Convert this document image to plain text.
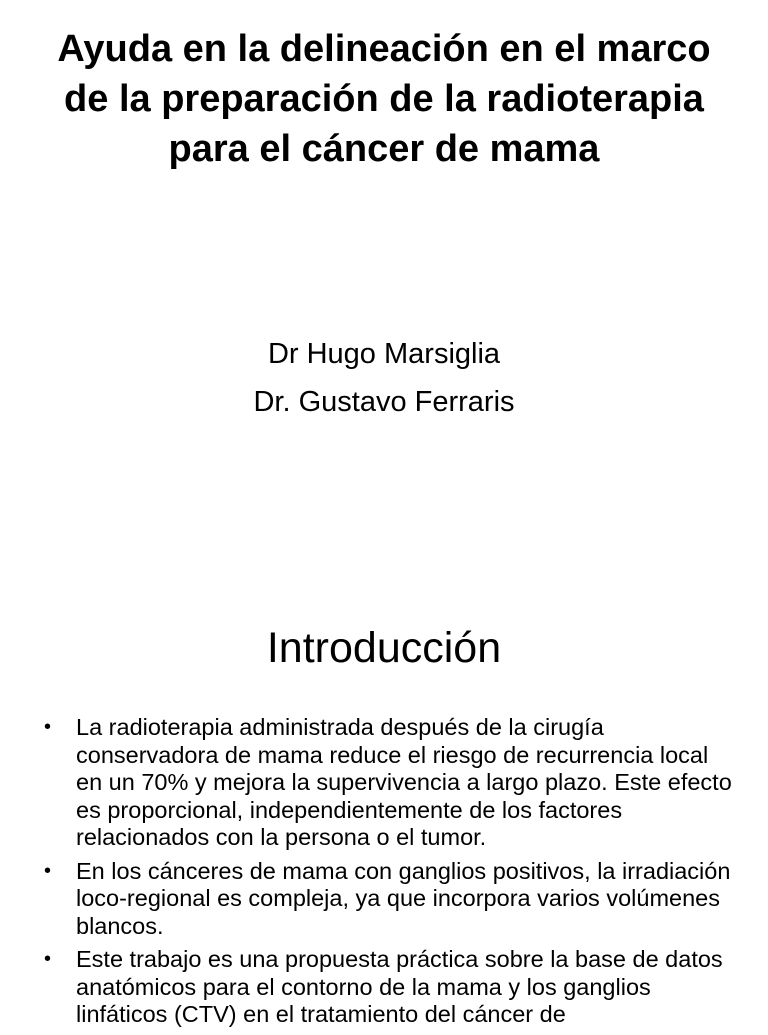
Ayuda en la delineación en el marco de la preparación de la radioterapia para el cáncer de mama
Dr Hugo Marsiglia
Dr. Gustavo Ferraris
Introducción
• La radioterapia administrada después de la cirugía conservadora de mama reduce el riesgo de recurrencia local en un 70% y mejora la supervivencia a largo plazo. Este efecto es proporcional, independientemente de los factores relacionados con la persona o el tumor.
• En los cánceres de mama con ganglios positivos, la irradiación loco-regional es compleja, ya que incorpora varios volúmenes blancos.
• Este trabajo es una propuesta práctica sobre la base de datos anatómicos para el contorno de la mama y los ganglios linfáticos (CTV) en el tratamiento del cáncer de
